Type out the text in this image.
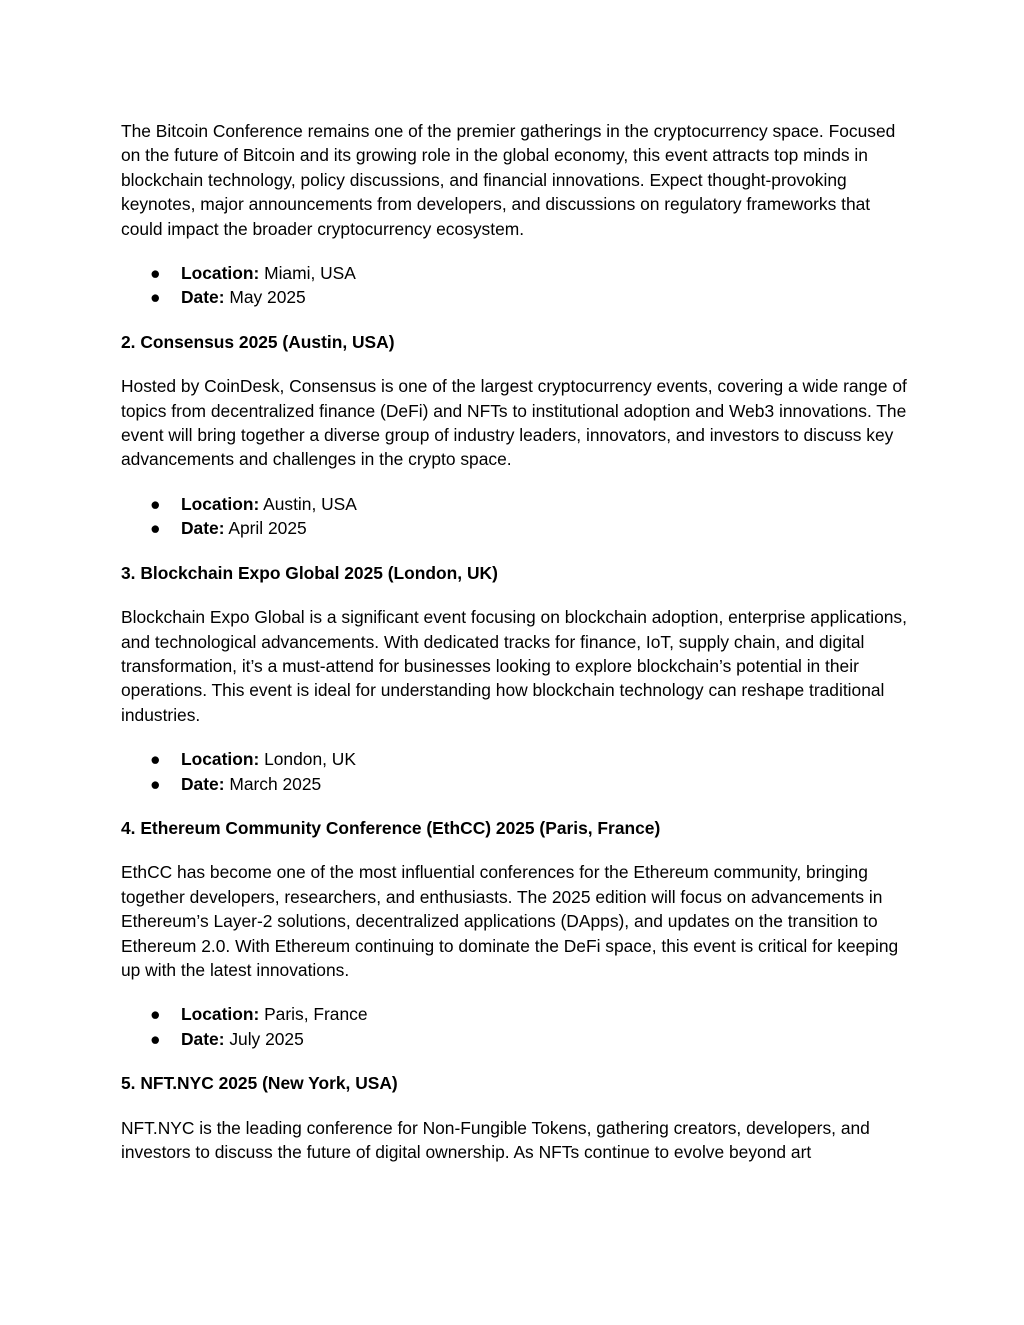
The Bitcoin Conference remains one of the premier gatherings in the cryptocurrency space. Focused on the future of Bitcoin and its growing role in the global economy, this event attracts top minds in blockchain technology, policy discussions, and financial innovations. Expect thought-provoking keynotes, major announcements from developers, and discussions on regulatory frameworks that could impact the broader cryptocurrency ecosystem.

● Location: Miami, USA
● Date: May 2025

2. Consensus 2025 (Austin, USA)

Hosted by CoinDesk, Consensus is one of the largest cryptocurrency events, covering a wide range of topics from decentralized finance (DeFi) and NFTs to institutional adoption and Web3 innovations. The event will bring together a diverse group of industry leaders, innovators, and investors to discuss key advancements and challenges in the crypto space.

● Location: Austin, USA
● Date: April 2025

3. Blockchain Expo Global 2025 (London, UK)

Blockchain Expo Global is a significant event focusing on blockchain adoption, enterprise applications, and technological advancements. With dedicated tracks for finance, IoT, supply chain, and digital transformation, it’s a must-attend for businesses looking to explore blockchain’s potential in their operations. This event is ideal for understanding how blockchain technology can reshape traditional industries.

● Location: London, UK
● Date: March 2025

4. Ethereum Community Conference (EthCC) 2025 (Paris, France)

EthCC has become one of the most influential conferences for the Ethereum community, bringing together developers, researchers, and enthusiasts. The 2025 edition will focus on advancements in Ethereum’s Layer-2 solutions, decentralized applications (DApps), and updates on the transition to Ethereum 2.0. With Ethereum continuing to dominate the DeFi space, this event is critical for keeping up with the latest innovations.

● Location: Paris, France
● Date: July 2025

5. NFT.NYC 2025 (New York, USA)

NFT.NYC is the leading conference for Non-Fungible Tokens, gathering creators, developers, and investors to discuss the future of digital ownership. As NFTs continue to evolve beyond art
